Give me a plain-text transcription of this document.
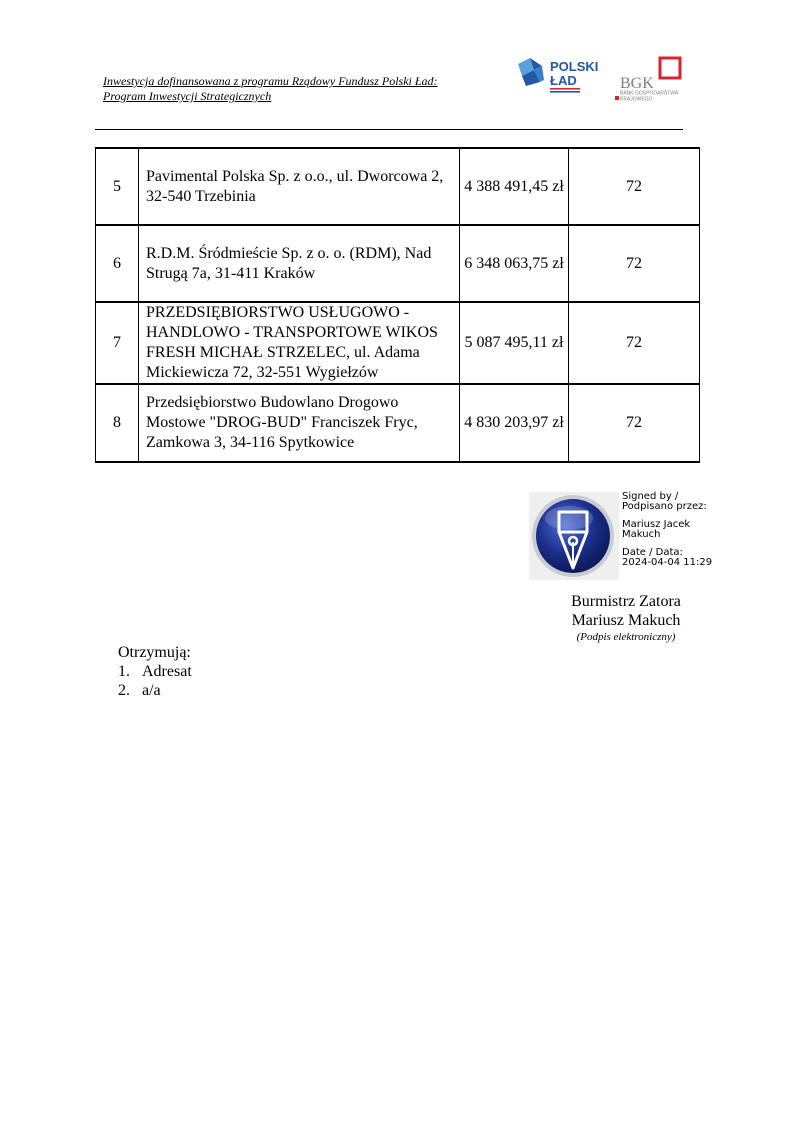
Inwestycja dofinansowana z programu Rządowy Fundusz Polski Ład:
Program Inwestycji Strategicznych
POLSKI
ŁAD	BGK
BANK GOSPODARSTWA
KRAJOWEGO
5	Pavimental Polska Sp. z o.o., ul. Dworcowa 2,
32-540 Trzebinia	4 388 491,45 zł	72
6	R.D.M. Śródmieście Sp. z o. o. (RDM), Nad
Strugą 7a, 31-411 Kraków	6 348 063,75 zł	72
7	PRZEDSIĘBIORSTWO USŁUGOWO -
HANDLOWO - TRANSPORTOWE WIKOS
FRESH MICHAŁ STRZELEC, ul. Adama
Mickiewicza 72, 32-551 Wygiełzów	5 087 495,11 zł	72
8	Przedsiębiorstwo Budowlano Drogowo
Mostowe "DROG-BUD" Franciszek Fryc,
Zamkowa 3, 34-116 Spytkowice	4 830 203,97 zł	72
Signed by /
Podpisano przez:
Mariusz Jacek
Makuch
Date / Data:
2024-04-04 11:29
Burmistrz Zatora
Mariusz Makuch
(Podpis elektroniczny)
Otrzymują:
1. Adresat
2. a/a
